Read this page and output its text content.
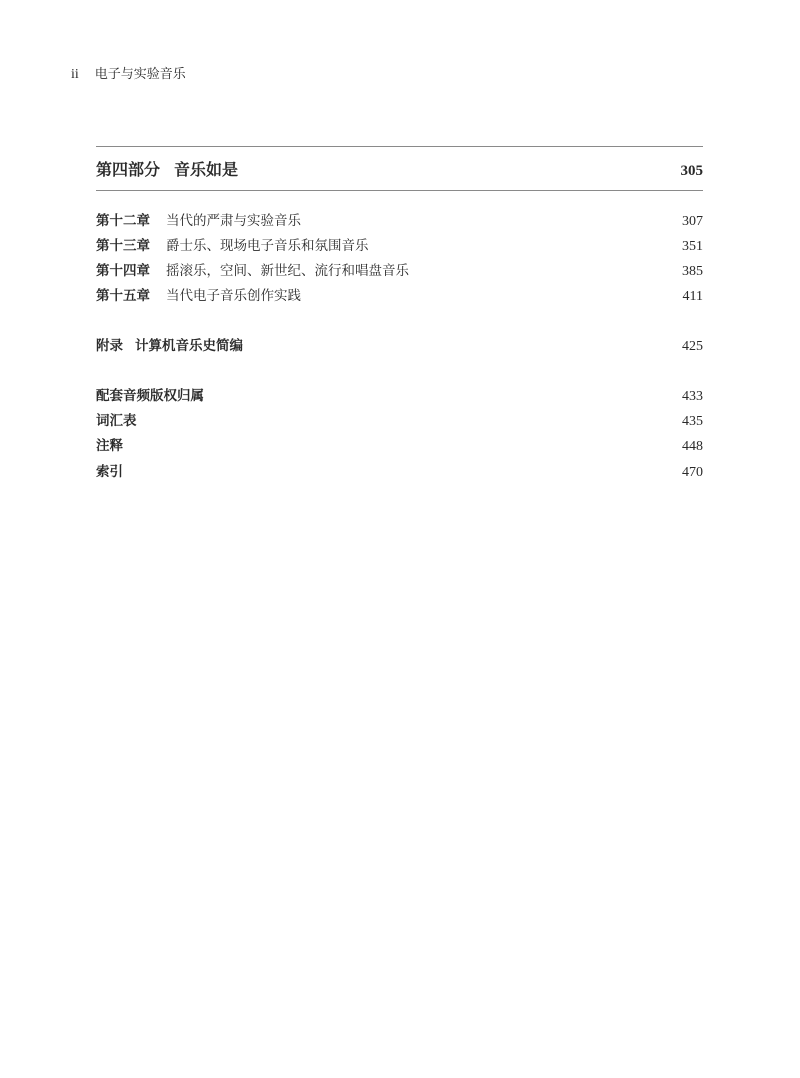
ii 电子与实验音乐
第四部分 音乐如是	305
第十二章 当代的严肃与实验音乐	307
第十三章 爵士乐、现场电子音乐和氛围音乐	351
第十四章 摇滚乐，空间、新世纪、流行和唱盘音乐	385
第十五章 当代电子音乐创作实践	411
附录 计算机音乐史简编	425
配套音频版权归属	433
词汇表	435
注释	448
索引	470
